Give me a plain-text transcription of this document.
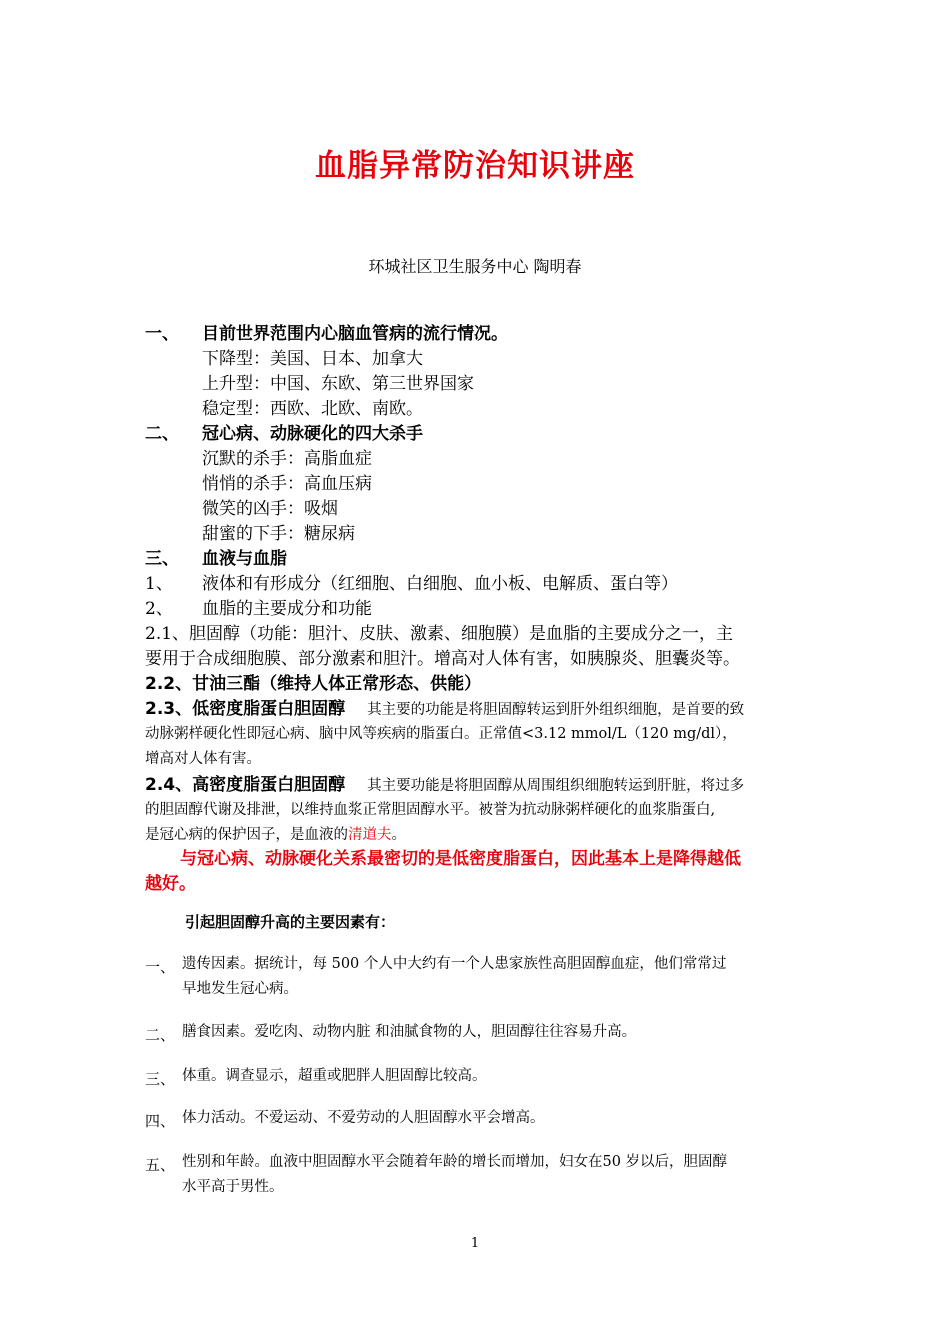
血脂异常防治知识讲座
环城社区卫生服务中心 陶明春
一、 目前世界范围内心脑血管病的流行情况。
下降型：美国、日本、加拿大
上升型：中国、东欧、第三世界国家
稳定型：西欧、北欧、南欧。
二、 冠心病、动脉硬化的四大杀手
沉默的杀手：高脂血症
悄悄的杀手：高血压病
微笑的凶手：吸烟
甜蜜的下手：糖尿病
三、 血液与血脂
1、 液体和有形成分（红细胞、白细胞、血小板、电解质、蛋白等）
2、 血脂的主要成分和功能
2.1、胆固醇（功能：胆汁、皮肤、激素、细胞膜）是血脂的主要成分之一，主
要用于合成细胞膜、部分激素和胆汁。增高对人体有害，如胰腺炎、胆囊炎等。
2.2、甘油三酯（维持人体正常形态、供能）
2.3、低密度脂蛋白胆固醇 其主要的功能是将胆固醇转运到肝外组织细胞，是首要的致
动脉粥样硬化性即冠心病、脑中风等疾病的脂蛋白。正常值<3.12 mmol/L（120 mg/dl），
增高对人体有害。
2.4、高密度脂蛋白胆固醇 其主要功能是将胆固醇从周围组织细胞转运到肝脏，将过多
的胆固醇代谢及排泄，以维持血浆正常胆固醇水平。被誉为抗动脉粥样硬化的血浆脂蛋白,
是冠心病的保护因子，是血液的清道夫。
与冠心病、动脉硬化关系最密切的是低密度脂蛋白，因此基本上是降得越低
越好。
引起胆固醇升高的主要因素有：
一、 遗传因素。据统计，每 500 个人中大约有一个人患家族性高胆固醇血症，他们常常过
早地发生冠心病。
二、 膳食因素。爱吃肉、动物内脏 和油腻食物的人，胆固醇往往容易升高。
三、 体重。调查显示，超重或肥胖人胆固醇比较高。
四、 体力活动。不爱运动、不爱劳动的人胆固醇水平会增高。
五、 性别和年龄。血液中胆固醇水平会随着年龄的增长而增加，妇女在50 岁以后，胆固醇
水平高于男性。
1
